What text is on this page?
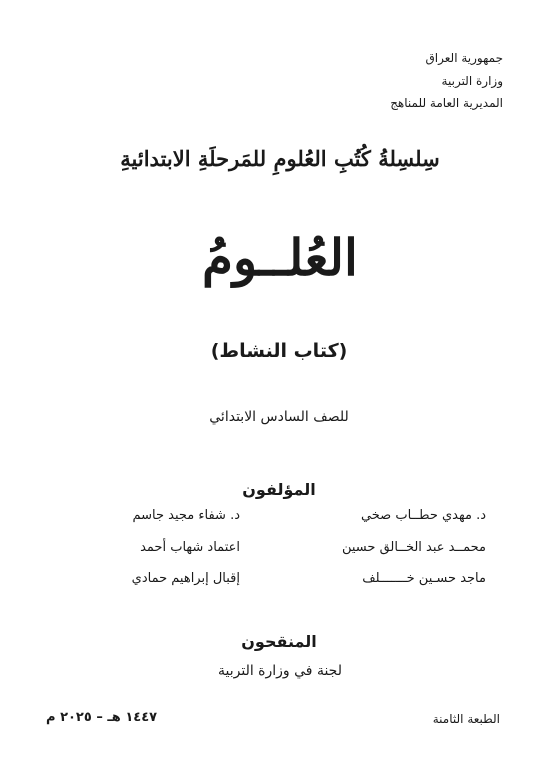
جمهورية العراق
وزارة التربية
المديرية العامة للمناهج
سِلسِلةُ كُتُبِ العُلومِ للمَرحلَةِ الابتدائيةِ
العُلــومُ
(كتاب النشاط)
للصف السادس الابتدائي
المؤلفون
د. مهدي حطــاب صخي
د. شفاء مجيد جاسم
محمــد عبد الخــالق حسين
اعتماد شهاب أحمد
ماجد حسـين خـــــــلف
إقبال إبراهيم حمادي
المنقحون
لجنة في وزارة التربية
الطبعة الثامنة
١٤٤٧ هـ – ٢٠٢٥ م
